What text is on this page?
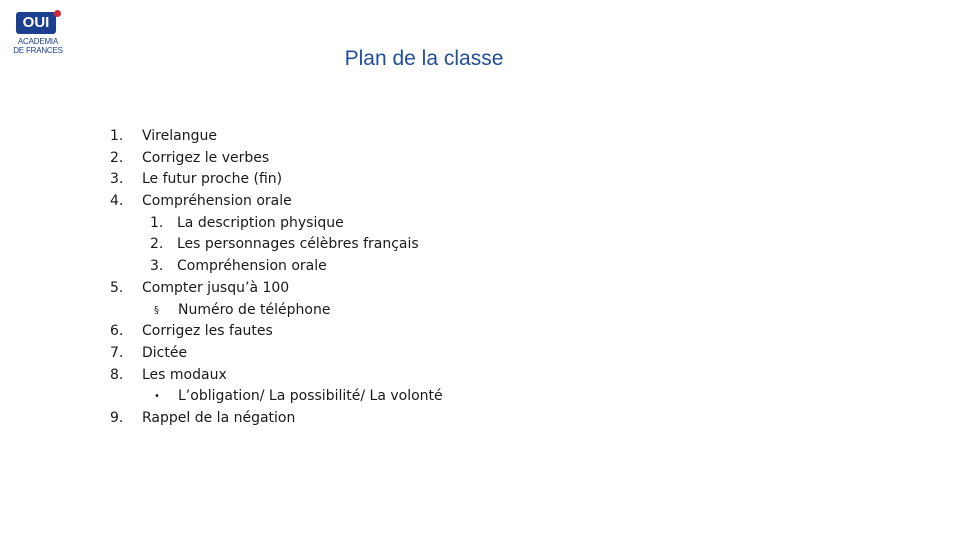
OUI
ACADEMIA
DE FRANCES	Plan de la classe
1.	Virelangue
2.	Corrigez le verbes
3.	Le futur proche (fin)
4.	Compréhension orale
1. La description physique
2. Les personnages célèbres français
3. Compréhension orale
5.	Compter jusqu’à 100
§	Numéro de téléphone
6.	Corrigez les fautes
7.	Dictée
8.	Les modaux
•	L’obligation/ La possibilité/ La volonté
9.	Rappel de la négation
